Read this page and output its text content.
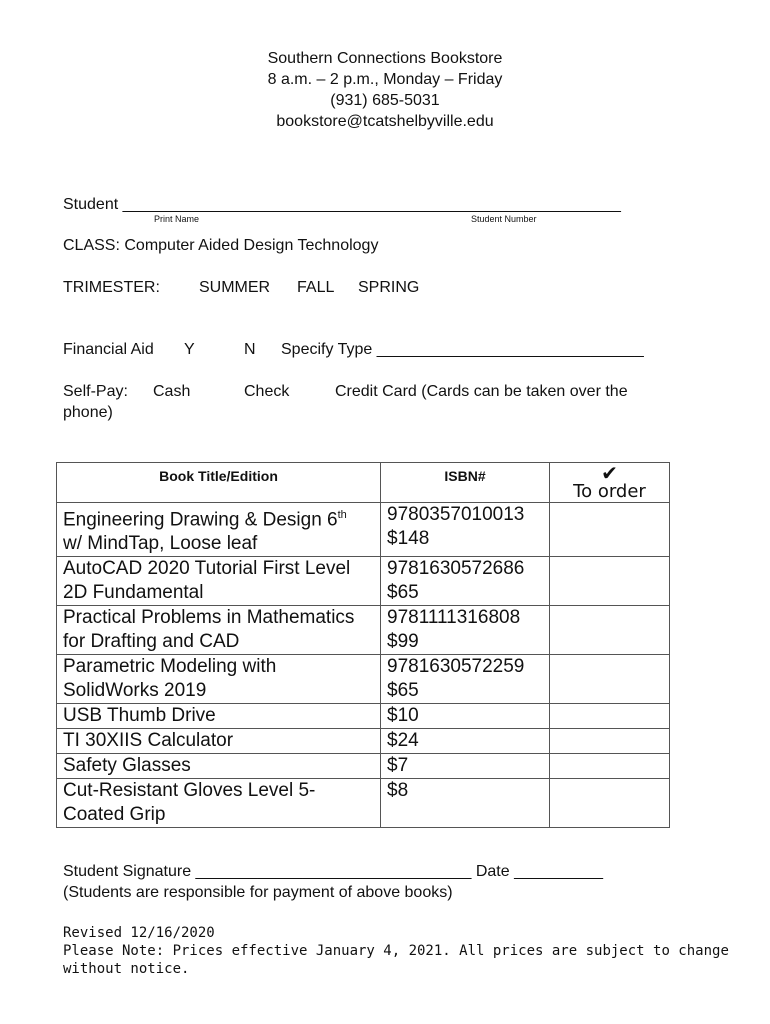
Southern Connections Bookstore
8 a.m. – 2 p.m., Monday – Friday
(931) 685-5031
bookstore@tcatshelbyville.edu
Student ________________________________________________________
Print Name	Student Number
CLASS: Computer Aided Design Technology
TRIMESTER: SUMMER FALL SPRING
Financial Aid Y	N Specify Type ______________________________
Self-Pay: Cash	Check	Credit Card (Cards can be taken over the
phone)
Book Title/Edition	ISBN#	✔
To order
Engineering Drawing & Design 6th
w/ MindTap, Loose leaf	9780357010013
$148	
AutoCAD 2020 Tutorial First Level
2D Fundamental	9781630572686
$65	
Practical Problems in Mathematics
for Drafting and CAD	9781111316808
$99	
Parametric Modeling with
SolidWorks 2019	9781630572259
$65	
USB Thumb Drive	$10	
TI 30XIIS Calculator	$24	
Safety Glasses	$7	
Cut-Resistant Gloves Level 5-
Coated Grip	$8	
Student Signature _______________________________ Date __________
(Students are responsible for payment of above books)
Revised 12/16/2020
Please Note: Prices effective January 4, 2021. All prices are subject to change
without notice.
